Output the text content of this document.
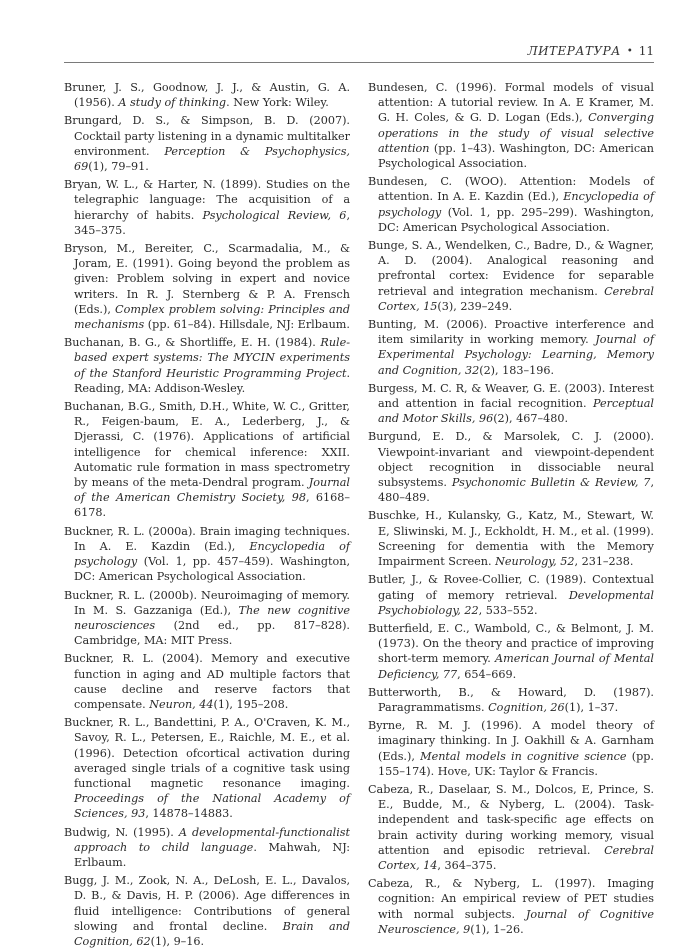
ЛИТЕРАТУРА • 11

Bruner, J. S., Goodnow, J. J., & Austin, G. A. (1956). A study of thinking. New York: Wiley.

Brungard, D. S., & Simpson, B. D. (2007). Cocktail party listening in a dynamic multitalker environment. Perception & Psychophysics, 69(1), 79–91.

Bryan, W. L., & Harter, N. (1899). Studies on the telegraphic language: The acquisition of a hierarchy of habits. Psychological Review, 6, 345–375.

Bryson, M., Bereiter, C., Scarmadalia, M., & Joram, E. (1991). Going beyond the problem as given: Problem solving in expert and novice writers. In R. J. Sternberg & P. A. Frensch (Eds.), Complex problem solving: Principles and mechanisms (pp. 61–84). Hillsdale, NJ: Erlbaum.

Buchanan, B. G., & Shortliffe, E. H. (1984). Rule-based expert systems: The MYCIN experiments of the Stanford Heuristic Programming Project. Reading, MA: Addison-Wesley.

Buchanan, B.G., Smith, D.H., White, W. C., Gritter, R., Feigen-baum, E. A., Lederberg, J., & Djerassi, C. (1976). Applications of artificial intelligence for chemical inference: XXII. Automatic rule formation in mass spectrometry by means of the meta-Dendral program. Journal of the American Chemistry Society, 98, 6168–6178.

Buckner, R. L. (2000a). Brain imaging techniques. In A. E. Kazdin (Ed.), Encyclopedia of psychology (Vol. 1, pp. 457–459). Washington, DC: American Psychological Association.

Buckner, R. L. (2000b). Neuroimaging of memory. In M. S. Gazzaniga (Ed.), The new cognitive neurosciences (2nd ed., pp. 817–828). Cambridge, MA: MIT Press.

Buckner, R. L. (2004). Memory and executive function in aging and AD multiple factors that cause decline and reserve factors that compensate. Neuron, 44(1), 195–208.

Buckner, R. L., Bandettini, P. A., O'Craven, K. M., Savoy, R. L., Petersen, E., Raichle, M. E., et al. (1996). Detection ofcortical activation during averaged single trials of a cognitive task using functional magnetic resonance imaging. Proceedings of the National Academy of Sciences, 93, 14878–14883.

Budwig, N. (1995). A developmental-functionalist approach to child language. Mahwah, NJ: Erlbaum.

Bugg, J. M., Zook, N. A., DeLosh, E. L., Davalos, D. B., & Davis, H. P. (2006). Age differences in fluid intelligence: Contributions of general slowing and frontal decline. Brain and Cognition, 62(1), 9–16.

Bundesen, C. (1996). Formal models of visual attention: A tutorial review. In A. E Kramer, M. G. H. Coles, & G. D. Logan (Eds.), Converging operations in the study of visual selective attention (pp. 1–43). Washington, DC: American Psychological Association.

Bundesen, C. (WOO). Attention: Models of attention. In A. E. Kazdin (Ed.), Encyclopedia of psychology (Vol. 1, pp. 295–299). Washington, DC: American Psychological Association.

Bunge, S. A., Wendelken, C., Badre, D., & Wagner, A. D. (2004). Analogical reasoning and prefrontal cortex: Evidence for separable retrieval and integration mechanism. Cerebral Cortex, 15(3), 239–249.

Bunting, M. (2006). Proactive interference and item similarity in working memory. Journal of Experimental Psychology: Learning, Memory and Cognition, 32(2), 183–196.

Burgess, M. C. R, & Weaver, G. E. (2003). Interest and attention in facial recognition. Perceptual and Motor Skills, 96(2), 467–480.

Burgund, E. D., & Marsolek, C. J. (2000). Viewpoint-invariant and viewpoint-dependent object recognition in dissociable neural subsystems. Psychonomic Bulletin & Review, 7, 480–489.

Buschke, H., Kulansky, G., Katz, M., Stewart, W. E, Sliwinski, M. J., Eckholdt, H. M., et al. (1999). Screening for dementia with the Memory Impairment Screen. Neurology, 52, 231–238.

Butler, J., & Rovee-Collier, C. (1989). Contextual gating of memory retrieval. Developmental Psychobiology, 22, 533–552.

Butterfield, E. C., Wambold, C., & Belmont, J. M. (1973). On the theory and practice of improving short-term memory. American Journal of Mental Deficiency, 77, 654–669.

Butterworth, B., & Howard, D. (1987). Paragrammatisms. Cognition, 26(1), 1–37.

Byrne, R. M. J. (1996). A model theory of imaginary thinking. In J. Oakhill & A. Garnham (Eds.), Mental models in cognitive science (pp. 155–174). Hove, UK: Taylor & Francis.

Cabeza, R., Daselaar, S. M., Dolcos, E, Prince, S. E., Budde, M., & Nyberg, L. (2004). Task-independent and task-specific age effects on brain activity during working memory, visual attention and episodic retrieval. Cerebral Cortex, 14, 364–375.

Cabeza, R., & Nyberg, L. (1997). Imaging cognition: An empirical review of PET studies with normal subjects. Journal of Cognitive Neuroscience, 9(1), 1–26.
